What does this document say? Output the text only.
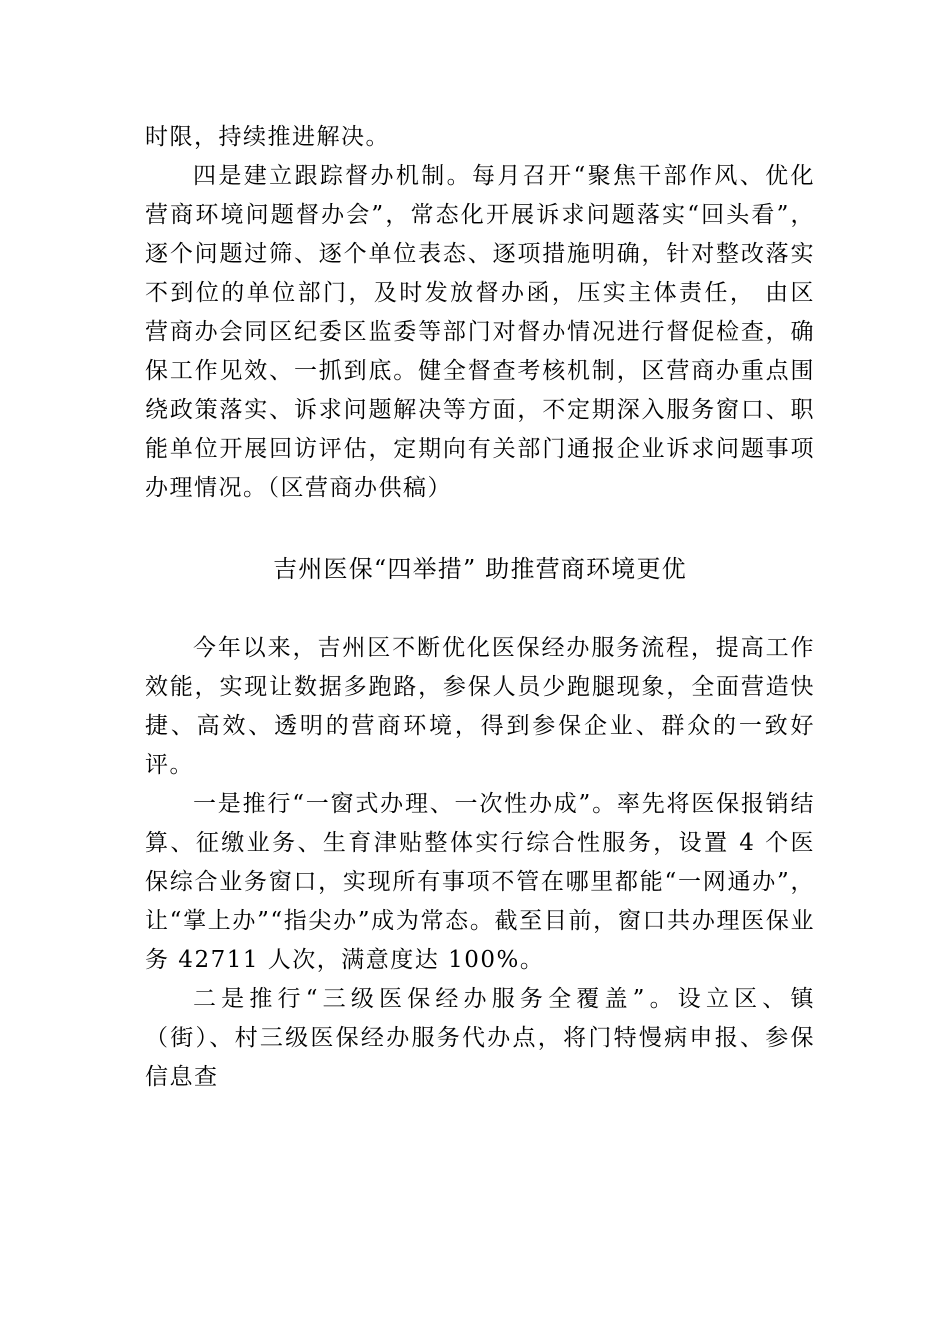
时限，持续推进解决。

四是建立跟踪督办机制。每月召开“聚焦干部作风、优化营商环境问题督办会”，常态化开展诉求问题落实“回头看”，逐个问题过筛、逐个单位表态、逐项措施明确，针对整改落实不到位的单位部门，及时发放督办函，压实主体责任， 由区营商办会同区纪委区监委等部门对督办情况进行督促检查，确保工作见效、一抓到底。健全督查考核机制，区营商办重点围绕政策落实、诉求问题解决等方面，不定期深入服务窗口、职能单位开展回访评估，定期向有关部门通报企业诉求问题事项办理情况。（区营商办供稿）

吉州医保“四举措” 助推营商环境更优

今年以来，吉州区不断优化医保经办服务流程，提高工作效能，实现让数据多跑路，参保人员少跑腿现象，全面营造快捷、高效、透明的营商环境，得到参保企业、群众的一致好评。

一是推行“一窗式办理、一次性办成”。率先将医保报销结算、征缴业务、生育津贴整体实行综合性服务，设置 4 个医保综合业务窗口，实现所有事项不管在哪里都能“一网通办”，让“掌上办”“指尖办”成为常态。截至目前，窗口共办理医保业务 42711 人次，满意度达 100%。

二是推行“三级医保经办服务全覆盖”。设立区、镇（街）、村三级医保经办服务代办点，将门特慢病申报、参保信息查
